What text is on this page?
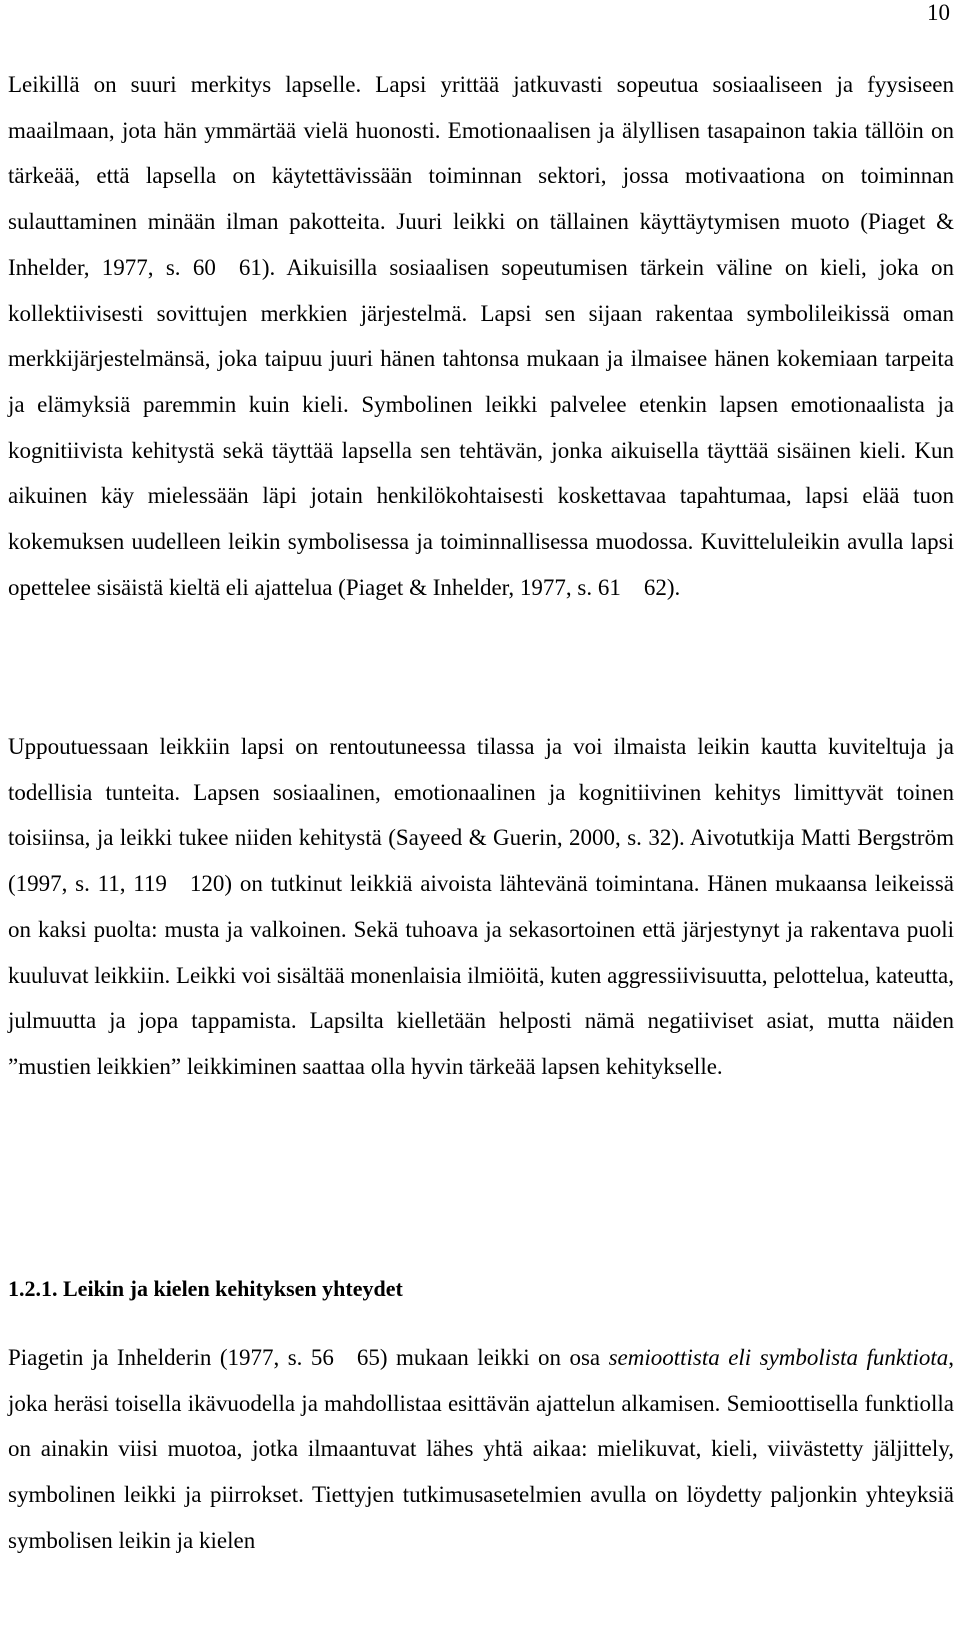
10

Leikillä on suuri merkitys lapselle. Lapsi yrittää jatkuvasti sopeutua sosiaaliseen ja fyysiseen maailmaan, jota hän ymmärtää vielä huonosti. Emotionaalisen ja älyllisen tasapainon takia tällöin on tärkeää, että lapsella on käytettävissään toiminnan sektori, jossa motivaationa on toiminnan sulauttaminen minään ilman pakotteita. Juuri leikki on tällainen käyttäytymisen muoto (Piaget & Inhelder, 1977, s. 60 61). Aikuisilla sosiaalisen sopeutumisen tärkein väline on kieli, joka on kollektiivisesti sovittujen merkkien järjestelmä. Lapsi sen sijaan rakentaa symbolileikissä oman merkkijärjestelmänsä, joka taipuu juuri hänen tahtonsa mukaan ja ilmaisee hänen kokemiaan tarpeita ja elämyksiä paremmin kuin kieli. Symbolinen leikki palvelee etenkin lapsen emotionaalista ja kognitiivista kehitystä sekä täyttää lapsella sen tehtävän, jonka aikuisella täyttää sisäinen kieli. Kun aikuinen käy mielessään läpi jotain henkilökohtaisesti koskettavaa tapahtumaa, lapsi elää tuon kokemuksen uudelleen leikin symbolisessa ja toiminnallisessa muodossa. Kuvitteluleikin avulla lapsi opettelee sisäistä kieltä eli ajattelua (Piaget & Inhelder, 1977, s. 61 62).

Uppoutuessaan leikkiin lapsi on rentoutuneessa tilassa ja voi ilmaista leikin kautta kuviteltuja ja todellisia tunteita. Lapsen sosiaalinen, emotionaalinen ja kognitiivinen kehitys limittyvät toinen toisiinsa, ja leikki tukee niiden kehitystä (Sayeed & Guerin, 2000, s. 32). Aivotutkija Matti Bergström (1997, s. 11, 119 120) on tutkinut leikkiä aivoista lähtevänä toimintana. Hänen mukaansa leikeissä on kaksi puolta: musta ja valkoinen. Sekä tuhoava ja sekasortoinen että järjestynyt ja rakentava puoli kuuluvat leikkiin. Leikki voi sisältää monenlaisia ilmiöitä, kuten aggressiivisuutta, pelottelua, kateutta, julmuutta ja jopa tappamista. Lapsilta kielletään helposti nämä negatiiviset asiat, mutta näiden ”mustien leikkien” leikkiminen saattaa olla hyvin tärkeää lapsen kehitykselle.

1.2.1. Leikin ja kielen kehityksen yhteydet

Piagetin ja Inhelderin (1977, s. 56 65) mukaan leikki on osa semioottista eli symbolista funktiota, joka heräsi toisella ikävuodella ja mahdollistaa esittävän ajattelun alkamisen. Semioottisella funktiolla on ainakin viisi muotoa, jotka ilmaantuvat lähes yhtä aikaa: mielikuvat, kieli, viivästetty jäljittely, symbolinen leikki ja piirrokset. Tiettyjen tutkimusasetelmien avulla on löydetty paljonkin yhteyksiä symbolisen leikin ja kielen
